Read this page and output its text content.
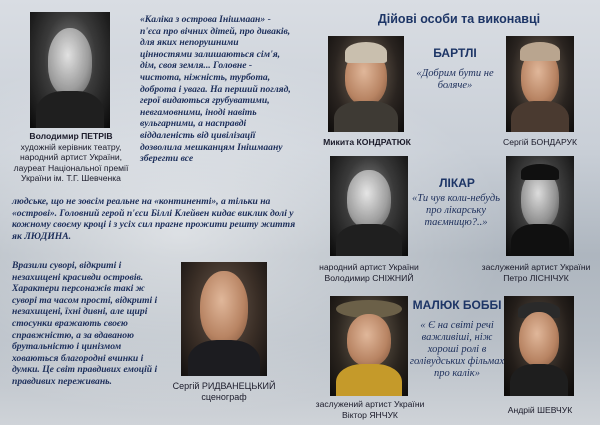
Володимир ПЕТРІВ
художній керівник театру,
народний артист України,
лауреат Національної премії
України ім. Т.Г. Шевченка
«Каліка з острова Інішмаан» - п'єса про вічних дітей, про диваків, для яких непорушними цінностями залишаються сім'я, дім, своя земля... Головне - чистота, ніжність, турбота, доброта і увага. На перший погляд, герої видаються грубуватими, невгамовними, іноді навіть вульгарними, а насправді віддаленість від цивілізації дозволила мешканцям Інішмаану зберегти все
людське, що не зовсім реальне на «континенті», а тільки на «острові». Головний герой п'єси Біллі Клейвен кидає виклик долі у кожному своєму кроці і з усіх сил прагне прожити решту життя як ЛЮДИНА.
Вразили суворі, відкриті і незахищені красивди островів. Характери персонажів такі ж суворі та часом прості, відкриті і незахищені, їхні дивні, але щирі стосунки вражають своєю справжністю, а за вдаваною брутальністю і цинізмом ховаються благородні вчинки і думки. Це світ правдивих емоцій і правдивих переживань.	Сергій РИДВАНЕЦЬКИЙ
сценограф
Дійові особи та виконавці
БАРТЛІ
«Добрим бути не боляче»
Микита КОНДРАТЮК	Сергій БОНДАРУК
ЛІКАР
«Ти чув коли-небудь про лікарську таємницю?..»
народний артист України
Володимир СНІЖНИЙ
заслужений артист України
Петро ЛІСНІЧУК
МАЛЮК БОББІ
« Є на світі речі важливіші, ніж хороші ролі в голівудських фільмах про калік»
заслужений артист України
Віктор ЯНЧУК	Андрій ШЕВЧУК
